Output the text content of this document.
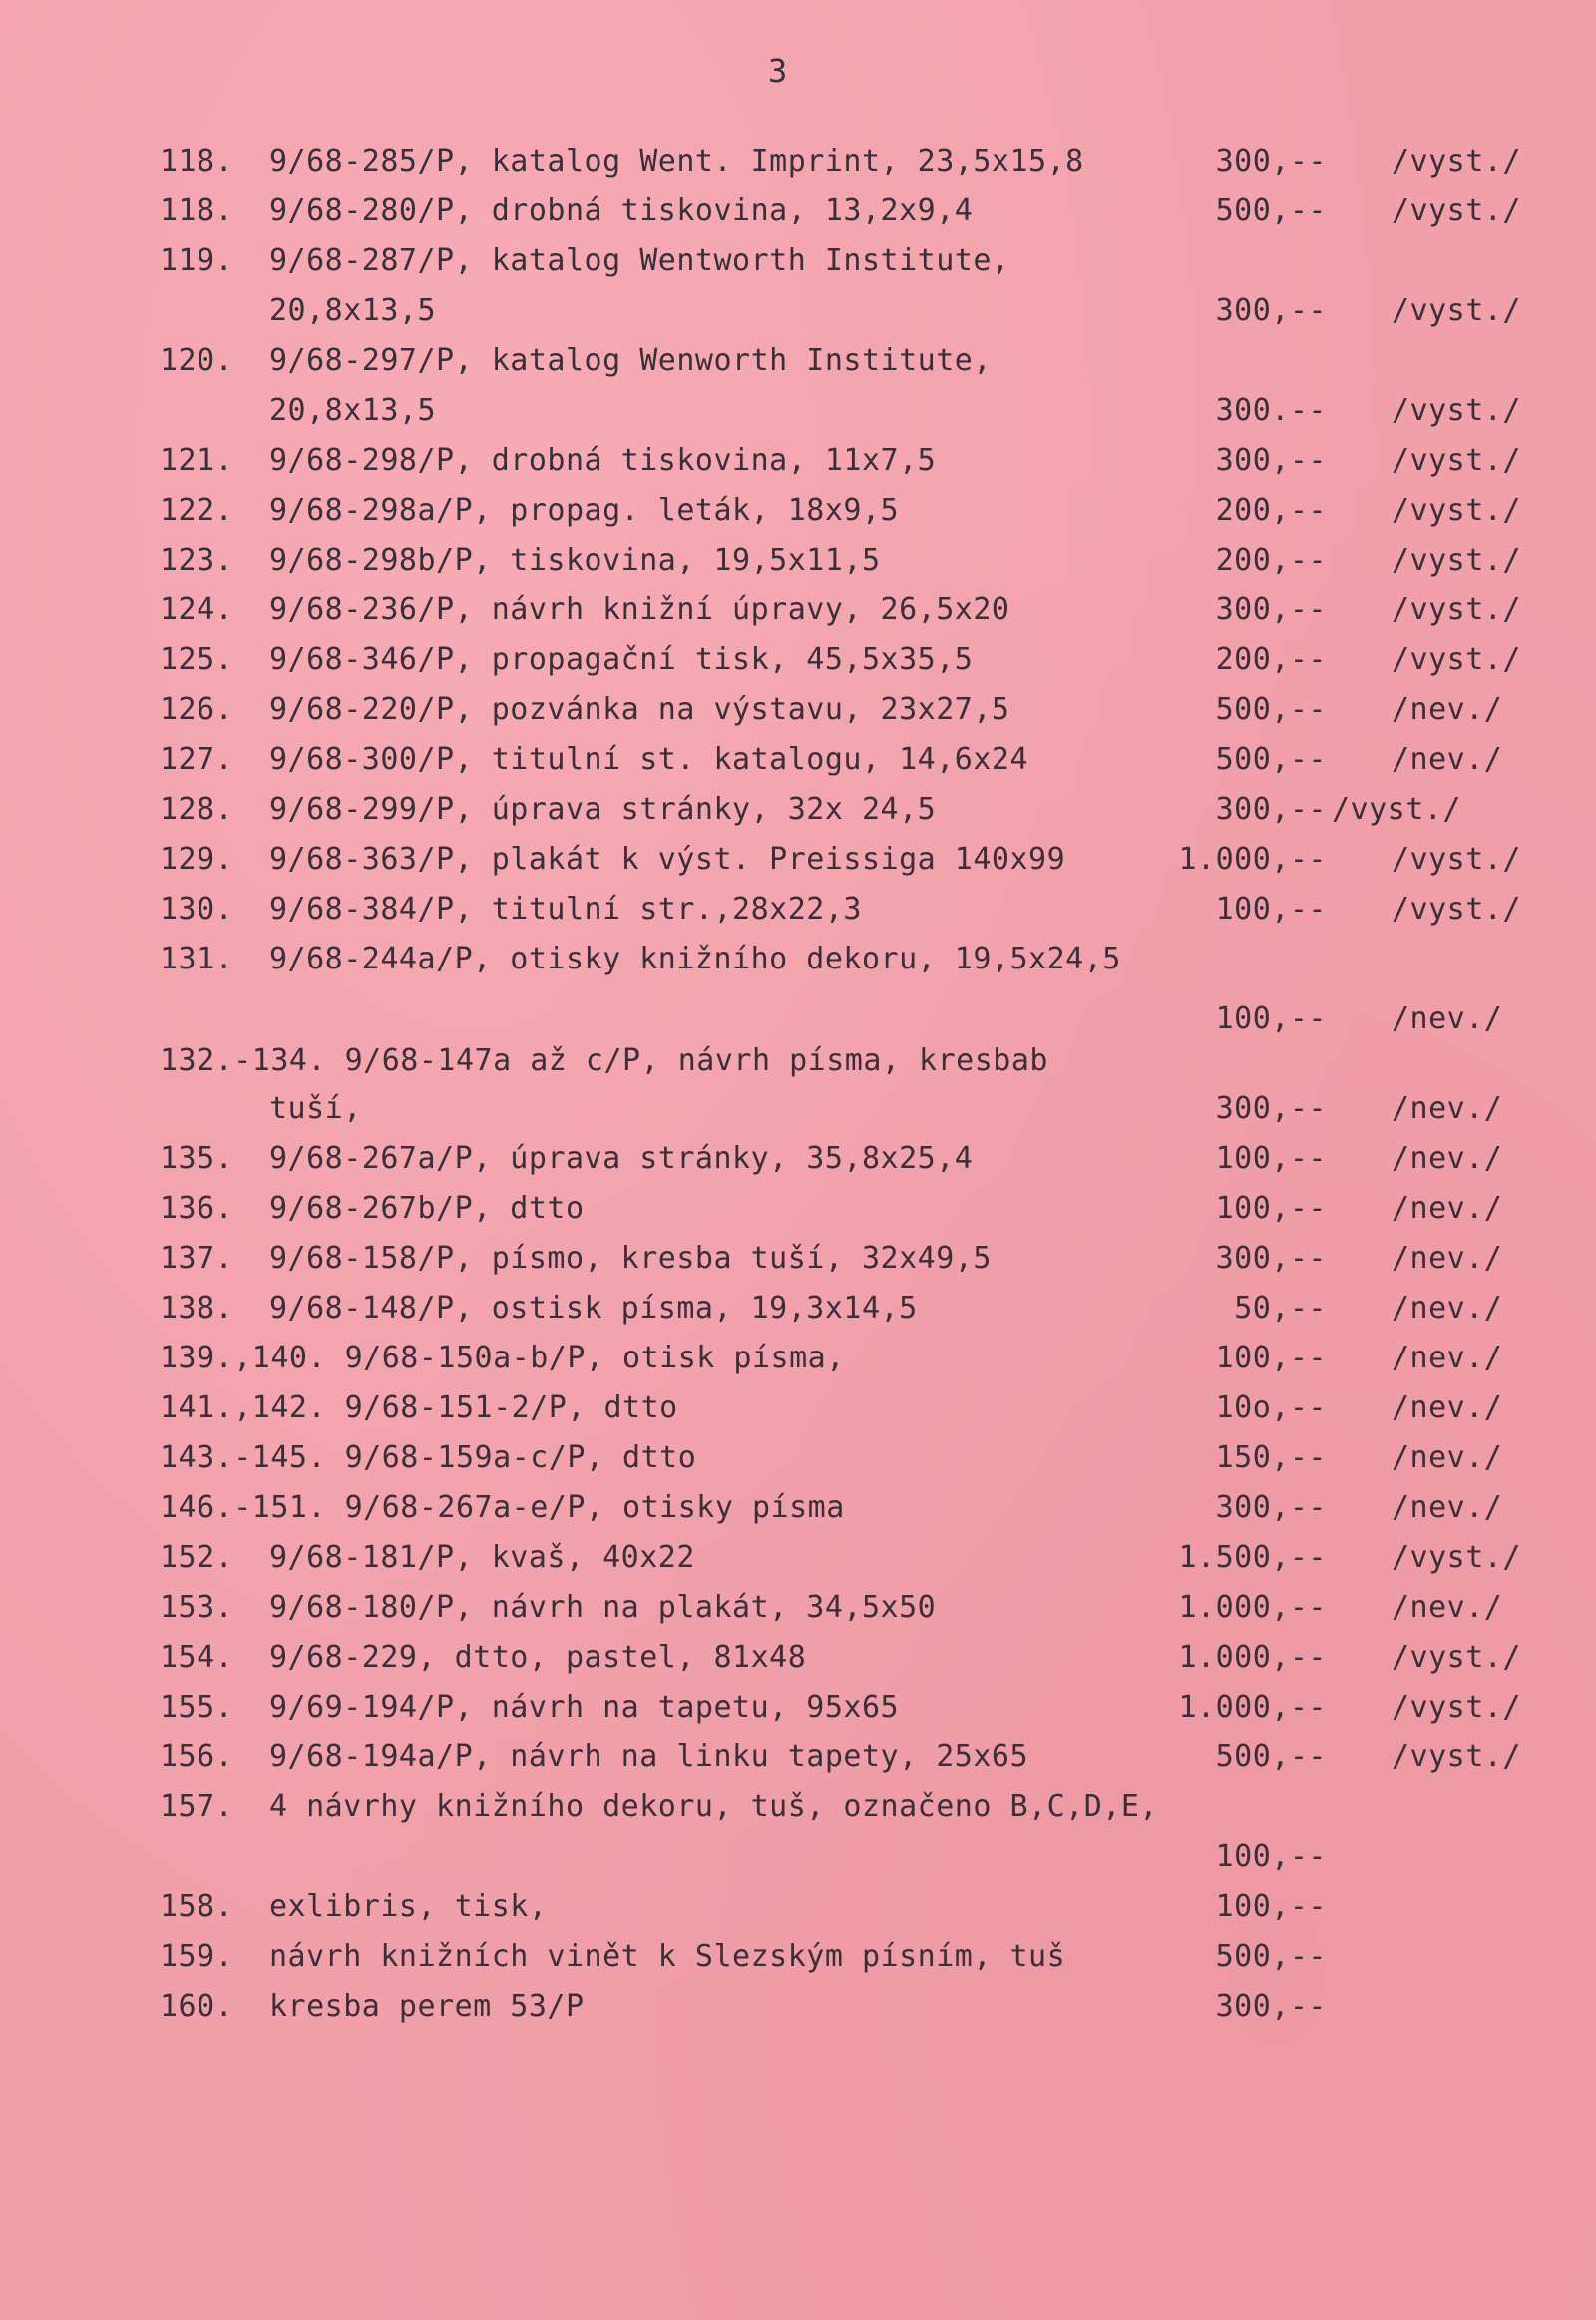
3
118. 9/68-285/P, katalog Went. Imprint, 23,5x15,8	300,-- /vyst./
118. 9/68-280/P, drobná tiskovina, 13,2x9,4	500,-- /vyst./
119. 9/68-287/P, katalog Wentworth Institute,
20,8x13,5	300,-- /vyst./
120. 9/68-297/P, katalog Wenworth Institute,
20,8x13,5	300.-- /vyst./
121. 9/68-298/P, drobná tiskovina, 11x7,5	300,-- /vyst./
122. 9/68-298a/P, propag. leták, 18x9,5	200,-- /vyst./
123. 9/68-298b/P, tiskovina, 19,5x11,5	200,-- /vyst./
124. 9/68-236/P, návrh knižní úpravy, 26,5x20	300,-- /vyst./
125. 9/68-346/P, propagační tisk, 45,5x35,5	200,-- /vyst./
126. 9/68-220/P, pozvánka na výstavu, 23x27,5	500,-- /nev./
127. 9/68-300/P, titulní st. katalogu, 14,6x24	500,-- /nev./
128. 9/68-299/P, úprava stránky, 32x 24,5	300,-- /vyst./
129. 9/68-363/P, plakát k výst. Preissiga 140x99	1.000,-- /vyst./
130. 9/68-384/P, titulní str.,28x22,3	100,-- /vyst./
131. 9/68-244a/P, otisky knižního dekoru, 19,5x24,5
100,-- /nev./
132.-134. 9/68-147a až c/P, návrh písma, kresbab
tuší,	300,-- /nev./
135. 9/68-267a/P, úprava stránky, 35,8x25,4	100,-- /nev./
136. 9/68-267b/P, dtto	100,-- /nev./
137. 9/68-158/P, písmo, kresba tuší, 32x49,5	300,-- /nev./
138. 9/68-148/P, ostisk písma, 19,3x14,5	50,-- /nev./
139.,140. 9/68-150a-b/P, otisk písma,	100,-- /nev./
141.,142. 9/68-151-2/P, dtto	10o,-- /nev./
143.-145. 9/68-159a-c/P, dtto	150,-- /nev./
146.-151. 9/68-267a-e/P, otisky písma	300,-- /nev./
152. 9/68-181/P, kvaš, 40x22	1.500,-- /vyst./
153. 9/68-180/P, návrh na plakát, 34,5x50	1.000,-- /nev./
154. 9/68-229, dtto, pastel, 81x48	1.000,-- /vyst./
155. 9/69-194/P, návrh na tapetu, 95x65	1.000,-- /vyst./
156. 9/68-194a/P, návrh na linku tapety, 25x65	500,-- /vyst./
157. 4 návrhy knižního dekoru, tuš, označeno B,C,D,E,
100,--
158. exlibris, tisk,	100,--
159. návrh knižních vinět k Slezským písním, tuš	500,--
160. kresba perem 53/P	300,--
